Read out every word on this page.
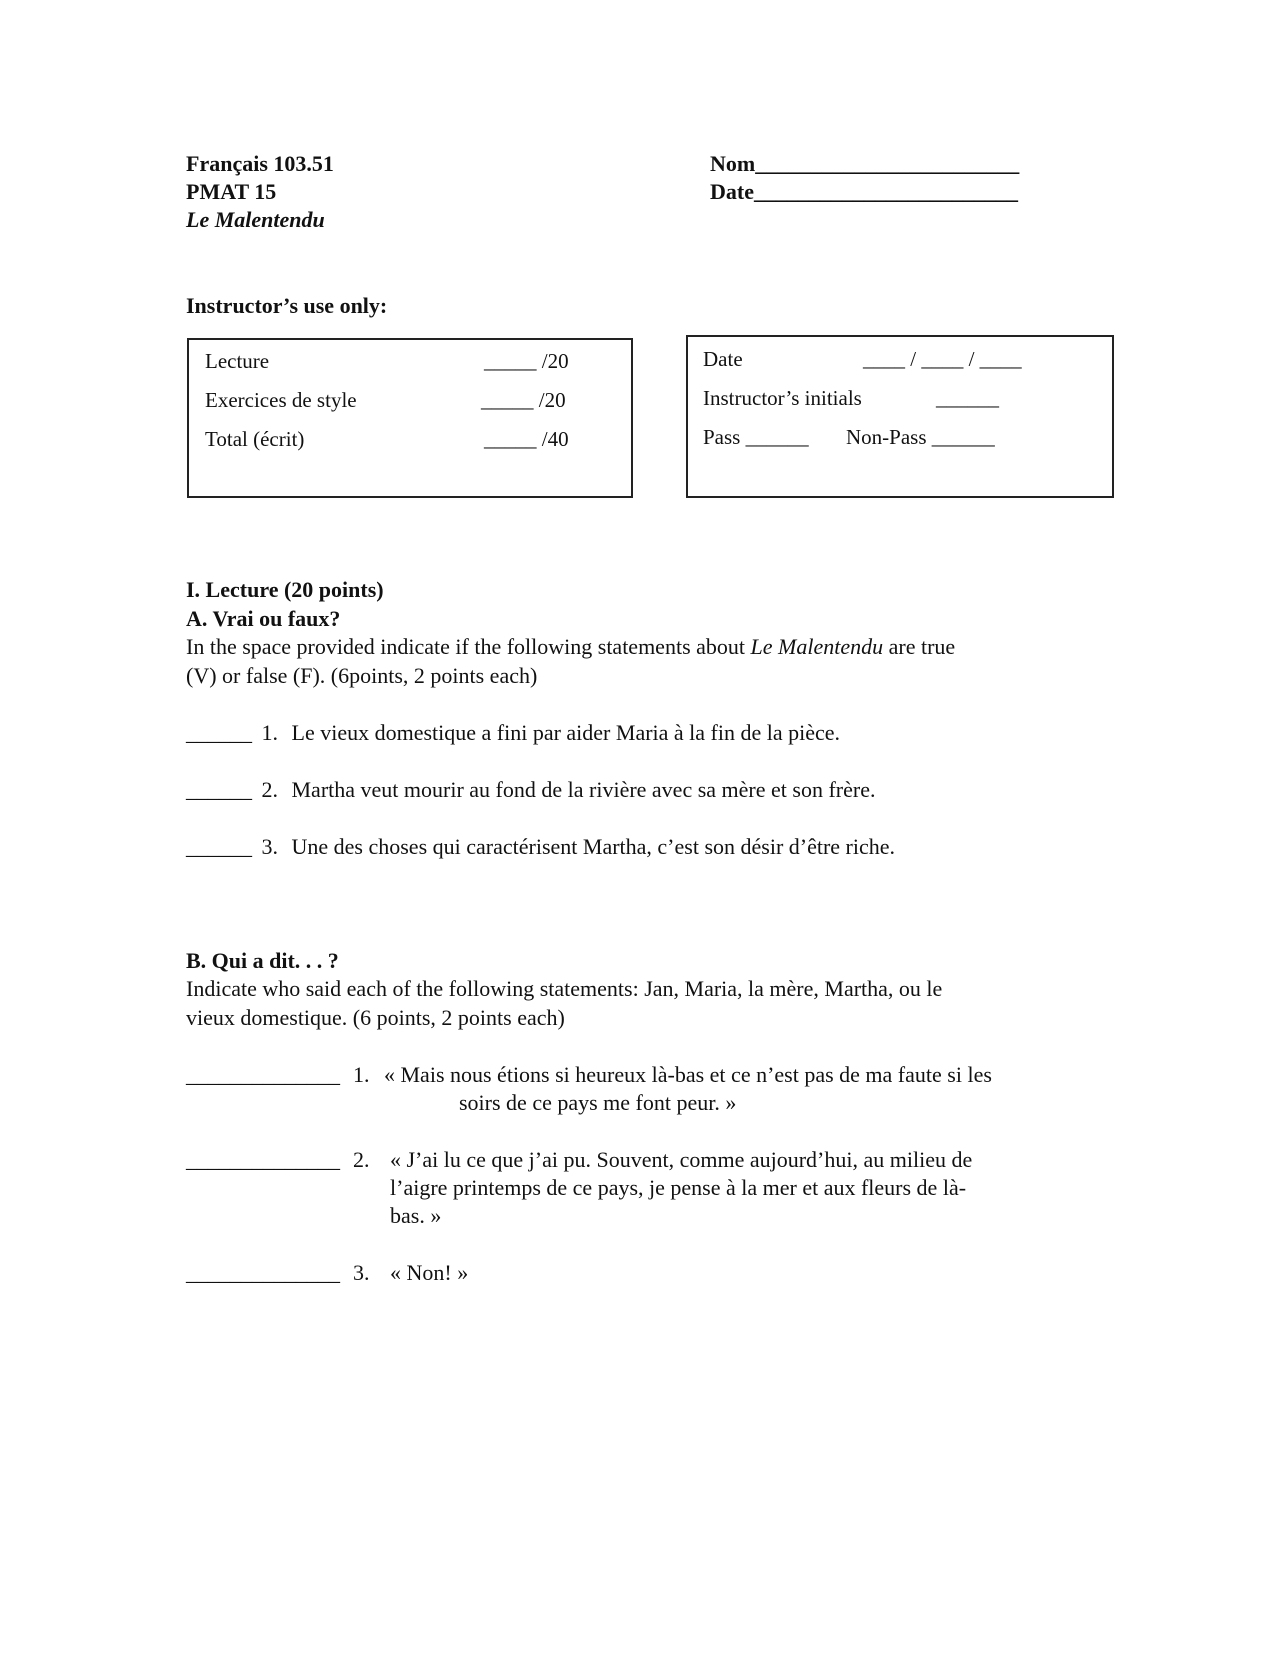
Français 103.51
PMAT 15
Le Malentendu
Nom________________________
Date________________________
Instructor’s use only:
Lecture	_____ /20
Exercices de style	_____ /20
Total (écrit)	_____ /40
Date	____ / ____ / ____
Instructor’s initials	______
Pass ______ Non-Pass ______
I. Lecture (20 points)
A. Vrai ou faux?
In the space provided indicate if the following statements about Le Malentendu are true
(V) or false (F). (6points, 2 points each)
______ 1. Le vieux domestique a fini par aider Maria à la fin de la pièce.
______ 2. Martha veut mourir au fond de la rivière avec sa mère et son frère.
______ 3. Une des choses qui caractérisent Martha, c’est son désir d’être riche.
B. Qui a dit. . . ?
Indicate who said each of the following statements: Jan, Maria, la mère, Martha, ou le
vieux domestique. (6 points, 2 points each)
______________ 1. « Mais nous étions si heureux là-bas et ce n’est pas de ma faute si les
soirs de ce pays me font peur. »
______________ 2. « J’ai lu ce que j’ai pu. Souvent, comme aujourd’hui, au milieu de
l’aigre printemps de ce pays, je pense à la mer et aux fleurs de là-
bas. »
______________ 3. « Non! »
